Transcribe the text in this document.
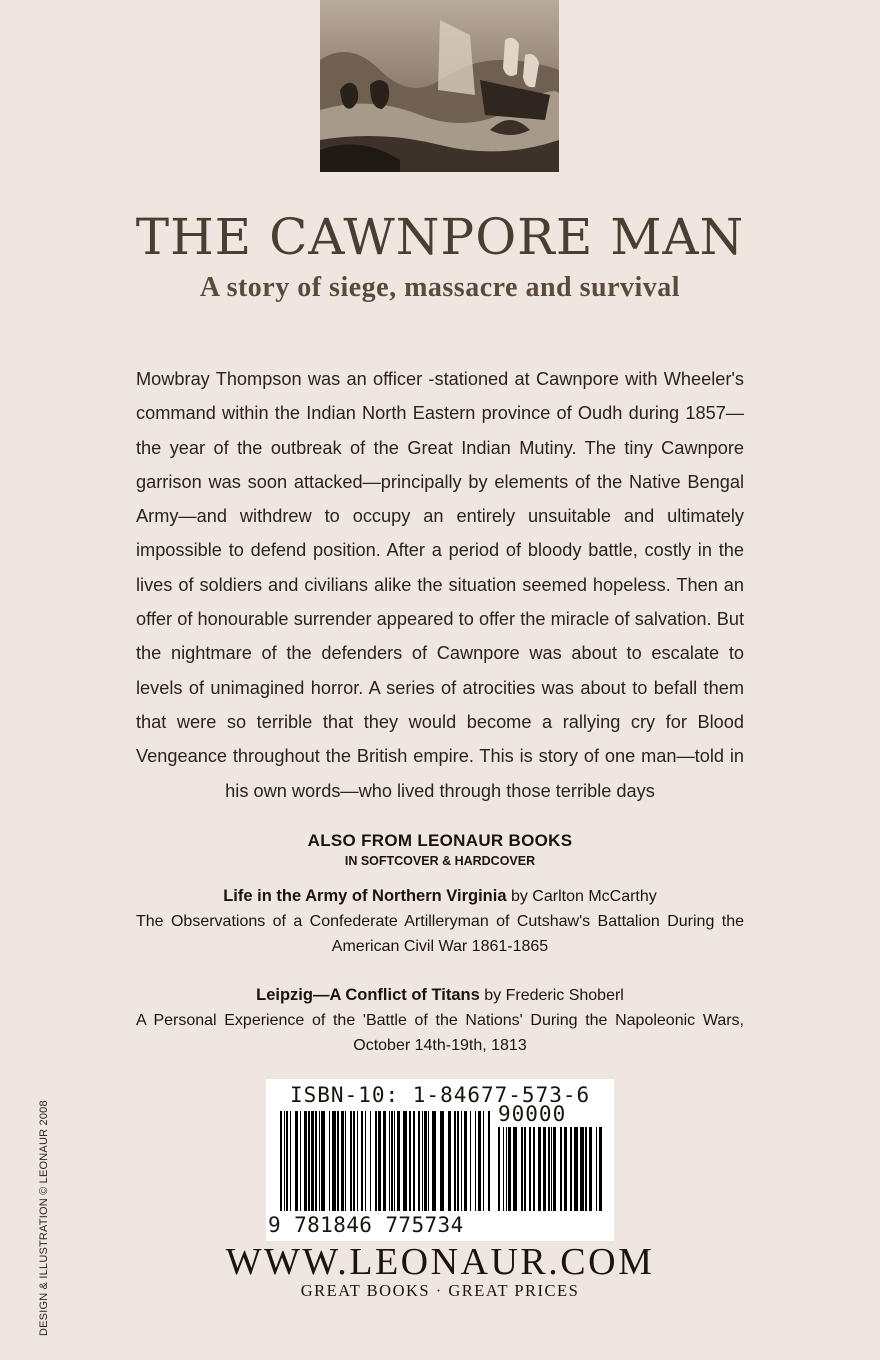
THE CAWNPORE MAN
A story of siege, massacre and survival

Mowbray Thompson was an officer -stationed at Cawnpore with Wheeler's command within the Indian North Eastern province of Oudh during 1857—the year of the outbreak of the Great Indian Mutiny. The tiny Cawnpore garrison was soon attacked—principally by elements of the Native Bengal Army—and withdrew to occupy an entirely unsuitable and ultimately impossible to defend position. After a period of bloody battle, costly in the lives of soldiers and civilians alike the situation seemed hopeless. Then an offer of honourable surrender appeared to offer the miracle of salvation. But the nightmare of the defenders of Cawnpore was about to escalate to levels of unimagined horror. A series of atrocities was about to befall them that were so terrible that they would become a rallying cry for Blood Vengeance throughout the British empire. This is story of one man—told in his own words—who lived through those terrible days

ALSO FROM LEONAUR BOOKS
IN SOFTCOVER & HARDCOVER
Life in the Army of Northern Virginia by Carlton McCarthy
The Observations of a Confederate Artilleryman of Cutshaw's Battalion During the American Civil War 1861-1865
Leipzig—A Conflict of Titans by Frederic Shoberl
A Personal Experience of the 'Battle of the Nations' During the Napoleonic Wars, October 14th-19th, 1813
ISBN-10: 1-84677-573-6
90000
9 781846 775734
WWW.LEONAUR.COM
GREAT BOOKS · GREAT PRICES
DESIGN & ILLUSTRATION © LEONAUR 2008
